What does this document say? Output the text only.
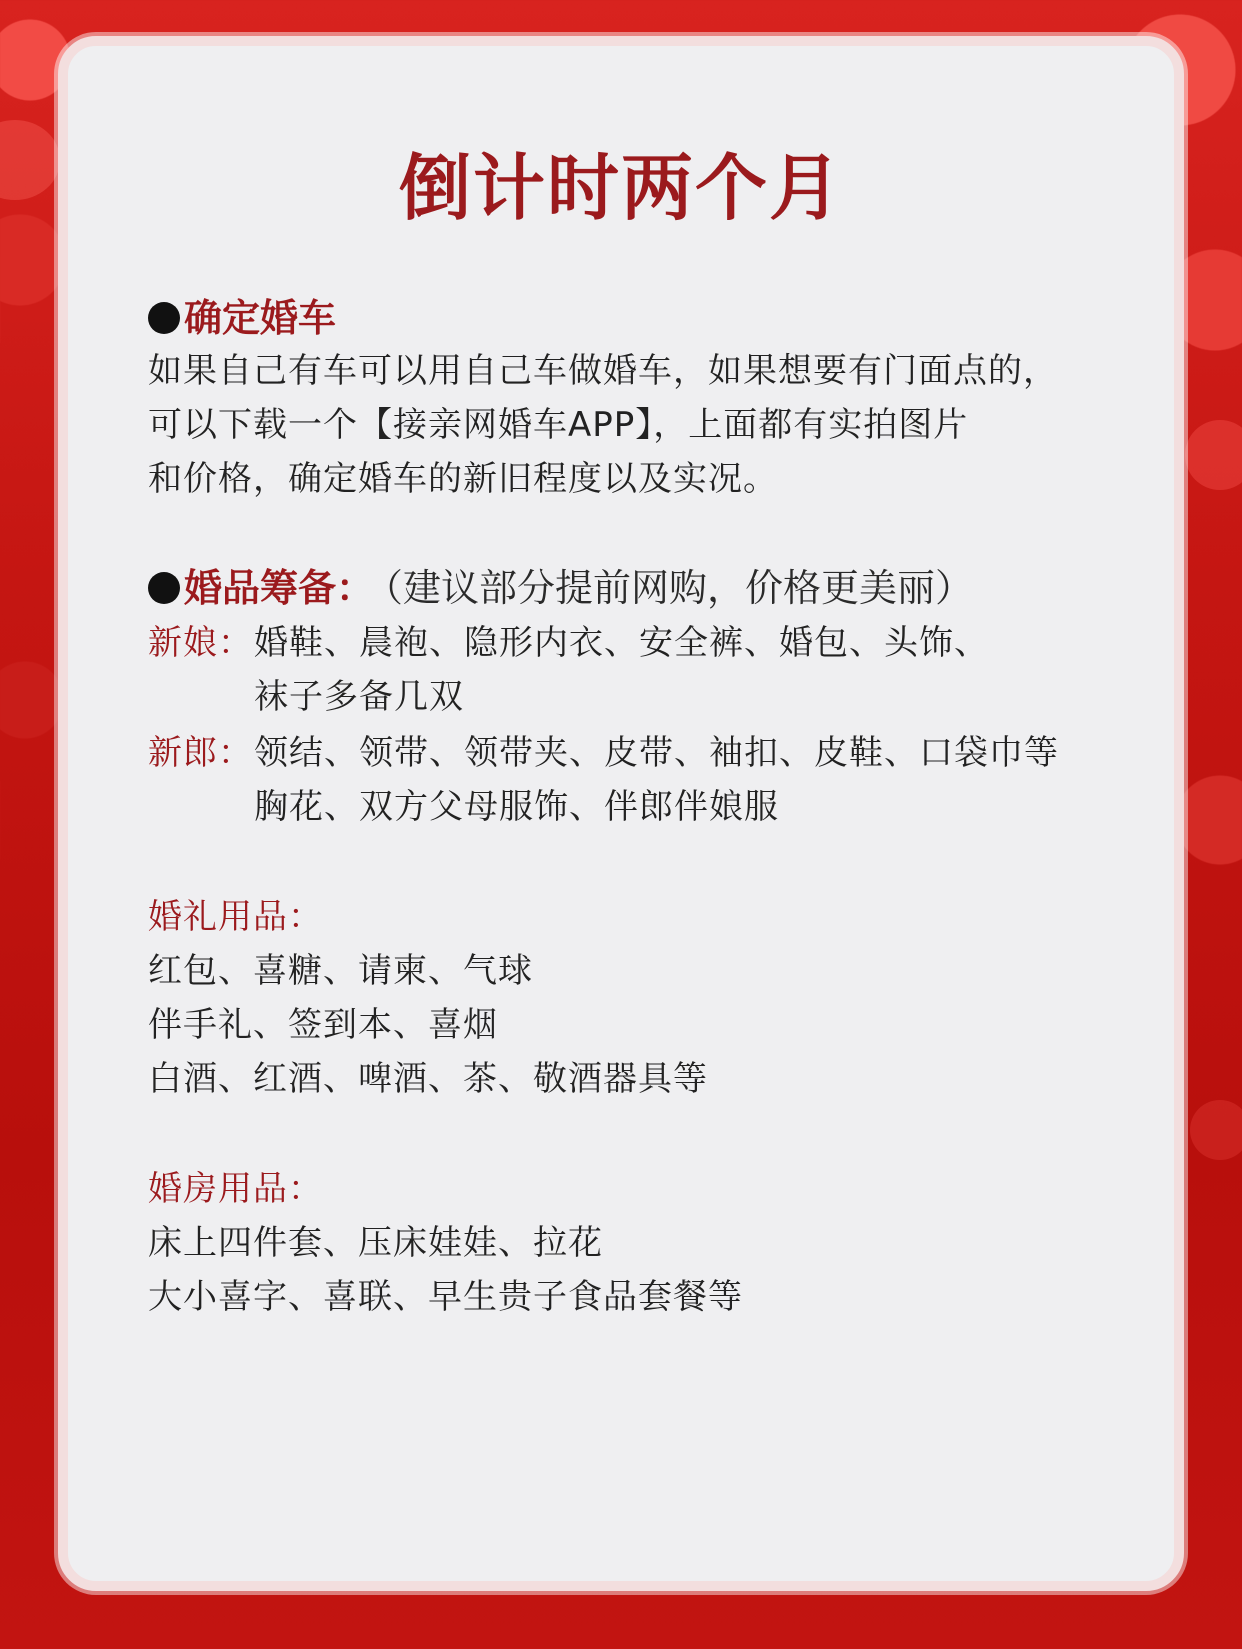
倒计时两个月
确定婚车
如果自己有车可以用自己车做婚车，如果想要有门面点的，
可以下载一个【接亲网婚车APP】，上面都有实拍图片
和价格，确定婚车的新旧程度以及实况。
婚品筹备： （建议部分提前网购，价格更美丽）
新娘： 婚鞋、晨袍、隐形内衣、安全裤、婚包、头饰、
袜子多备几双
新郎： 领结、领带、领带夹、皮带、袖扣、皮鞋、口袋巾等
胸花、双方父母服饰、伴郎伴娘服
婚礼用品：
红包、喜糖、请柬、气球
伴手礼、签到本、喜烟
白酒、红酒、啤酒、茶、敬酒器具等
婚房用品：
床上四件套、压床娃娃、拉花
大小喜字、喜联、早生贵子食品套餐等
